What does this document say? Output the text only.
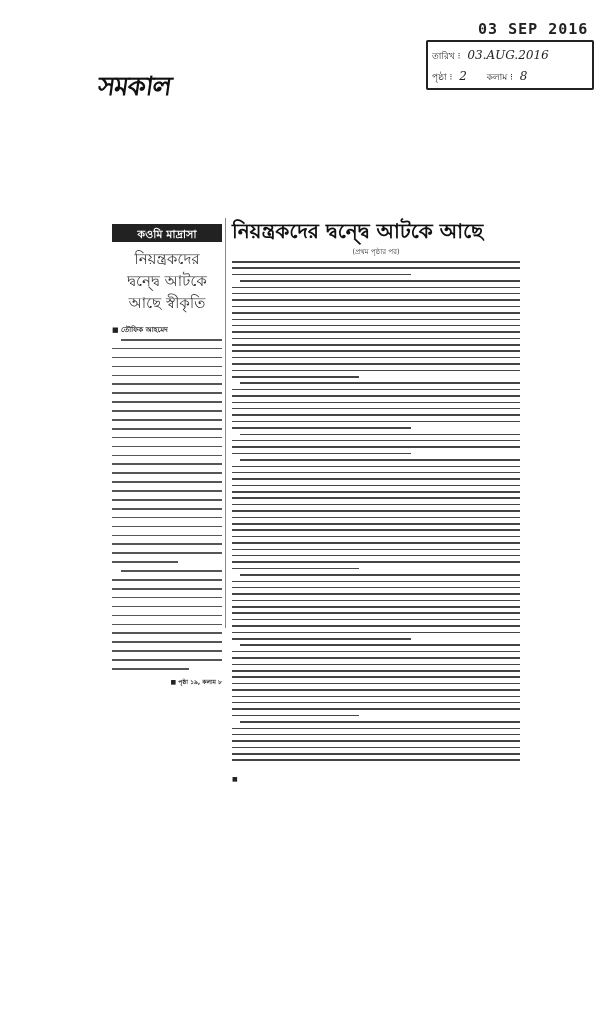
03 SEP 2016
তারিখ ⁝ 03.AUG.2016
পৃষ্ঠা ⁝ 2 কলাম ⁝ 8
সমকাল
কওমি মাদ্রাসা
নিয়ন্ত্রকদের
দ্বন্দ্বে আটকে
আছে স্বীকৃতি
■ তৌফিক আহমেদ
■ পৃষ্ঠা ১৯, কলাম ৮
নিয়ন্ত্রকদের দ্বন্দ্বে আটকে আছে
(প্রথম পৃষ্ঠার পর)
■
